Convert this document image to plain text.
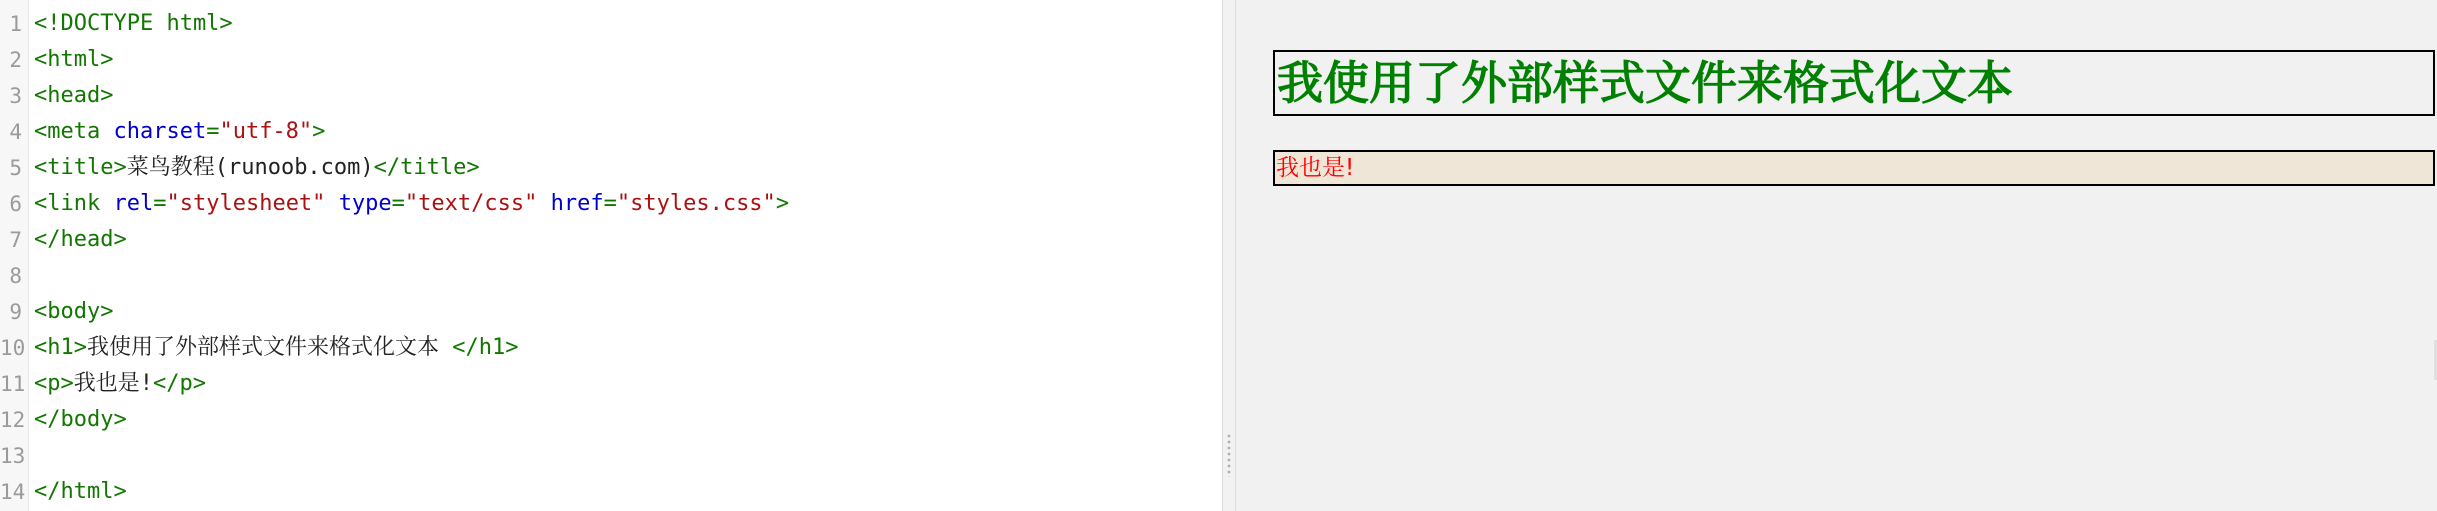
1 <!DOCTYPE html>
2 <html>
3 <head>
4 <meta charset="utf-8">
5 <title>菜鸟教程(runoob.com)</title>
6 <link rel="stylesheet" type="text/css" href="styles.css">
7 </head>
8
9 <body>
10 <h1>我使用了外部样式文件来格式化文本 </h1>
11 <p>我也是!</p>
12 </body>
13
14 </html>
我使用了外部样式文件来格式化文本
我也是!
